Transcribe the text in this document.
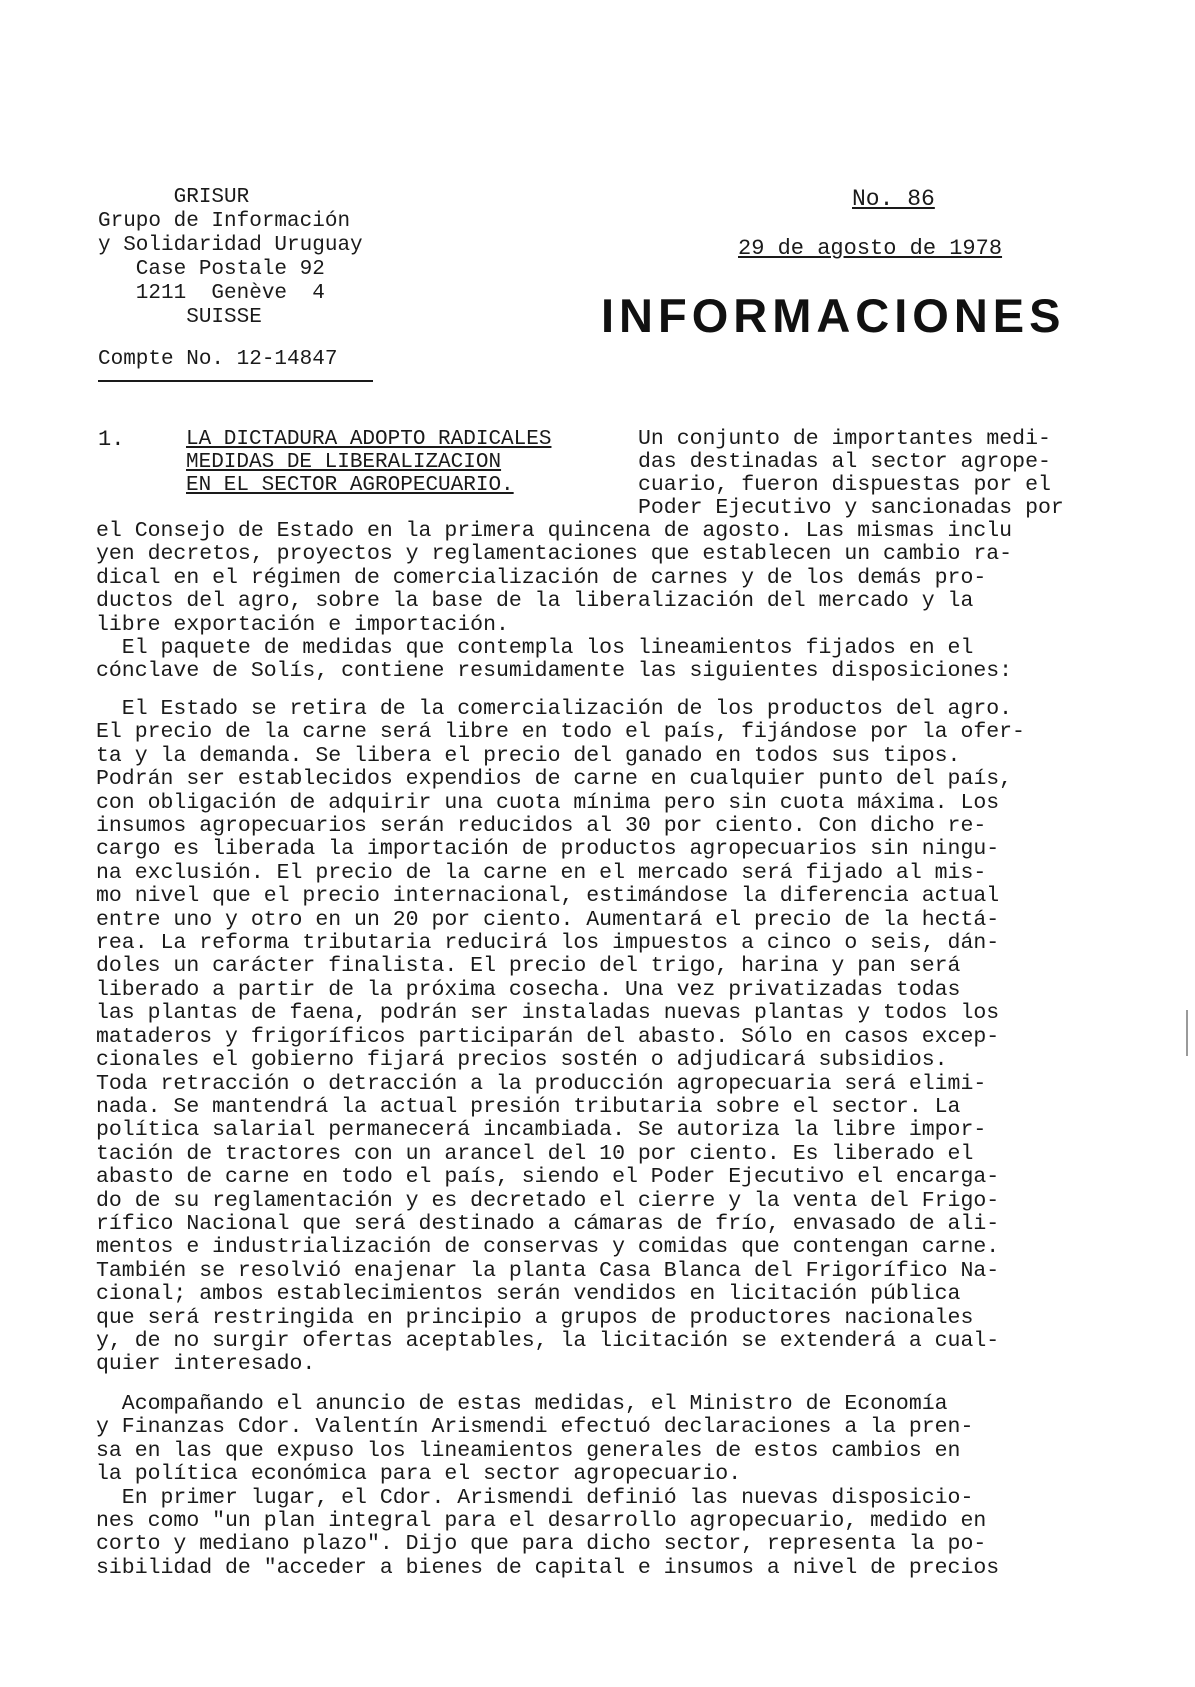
GRISUR
Grupo de Información
y Solidaridad Uruguay
Case Postale 92
1211  Genève  4
SUISSE
Compte No. 12-14847
No. 86
29 de agosto de 1978
INFORMACIONES
1.	LA DICTADURA ADOPTO RADICALES
MEDIDAS DE LIBERALIZACION
EN EL SECTOR AGROPECUARIO.
Un conjunto de importantes medi-
das destinadas al sector agrope-
cuario, fueron dispuestas por el
Poder Ejecutivo y sancionadas por
el Consejo de Estado en la primera quincena de agosto. Las mismas inclu
yen decretos, proyectos y reglamentaciones que establecen un cambio ra-
dical en el régimen de comercialización de carnes y de los demás pro-
ductos del agro, sobre la base de la liberalización del mercado y la
libre exportación e importación.
El paquete de medidas que contempla los lineamientos fijados en el
cónclave de Solís, contiene resumidamente las siguientes disposiciones:
El Estado se retira de la comercialización de los productos del agro.
El precio de la carne será libre en todo el país, fijándose por la ofer-
ta y la demanda. Se libera el precio del ganado en todos sus tipos.
Podrán ser establecidos expendios de carne en cualquier punto del país,
con obligación de adquirir una cuota mínima pero sin cuota máxima. Los
insumos agropecuarios serán reducidos al 30 por ciento. Con dicho re-
cargo es liberada la importación de productos agropecuarios sin ningu-
na exclusión. El precio de la carne en el mercado será fijado al mis-
mo nivel que el precio internacional, estimándose la diferencia actual
entre uno y otro en un 20 por ciento. Aumentará el precio de la hectá-
rea. La reforma tributaria reducirá los impuestos a cinco o seis, dán-
doles un carácter finalista. El precio del trigo, harina y pan será
liberado a partir de la próxima cosecha. Una vez privatizadas todas
las plantas de faena, podrán ser instaladas nuevas plantas y todos los
mataderos y frigoríficos participarán del abasto. Sólo en casos excep-
cionales el gobierno fijará precios sostén o adjudicará subsidios.
Toda retracción o detracción a la producción agropecuaria será elimi-
nada. Se mantendrá la actual presión tributaria sobre el sector. La
política salarial permanecerá incambiada. Se autoriza la libre impor-
tación de tractores con un arancel del 10 por ciento. Es liberado el
abasto de carne en todo el país, siendo el Poder Ejecutivo el encarga-
do de su reglamentación y es decretado el cierre y la venta del Frigo-
rífico Nacional que será destinado a cámaras de frío, envasado de ali-
mentos e industrialización de conservas y comidas que contengan carne.
También se resolvió enajenar la planta Casa Blanca del Frigorífico Na-
cional; ambos establecimientos serán vendidos en licitación pública
que será restringida en principio a grupos de productores nacionales
y, de no surgir ofertas aceptables, la licitación se extenderá a cual-
quier interesado.
Acompañando el anuncio de estas medidas, el Ministro de Economía
y Finanzas Cdor. Valentín Arismendi efectuó declaraciones a la pren-
sa en las que expuso los lineamientos generales de estos cambios en
la política económica para el sector agropecuario.
En primer lugar, el Cdor. Arismendi definió las nuevas disposicio-
nes como "un plan integral para el desarrollo agropecuario, medido en
corto y mediano plazo". Dijo que para dicho sector, representa la po-
sibilidad de "acceder a bienes de capital e insumos a nivel de precios
